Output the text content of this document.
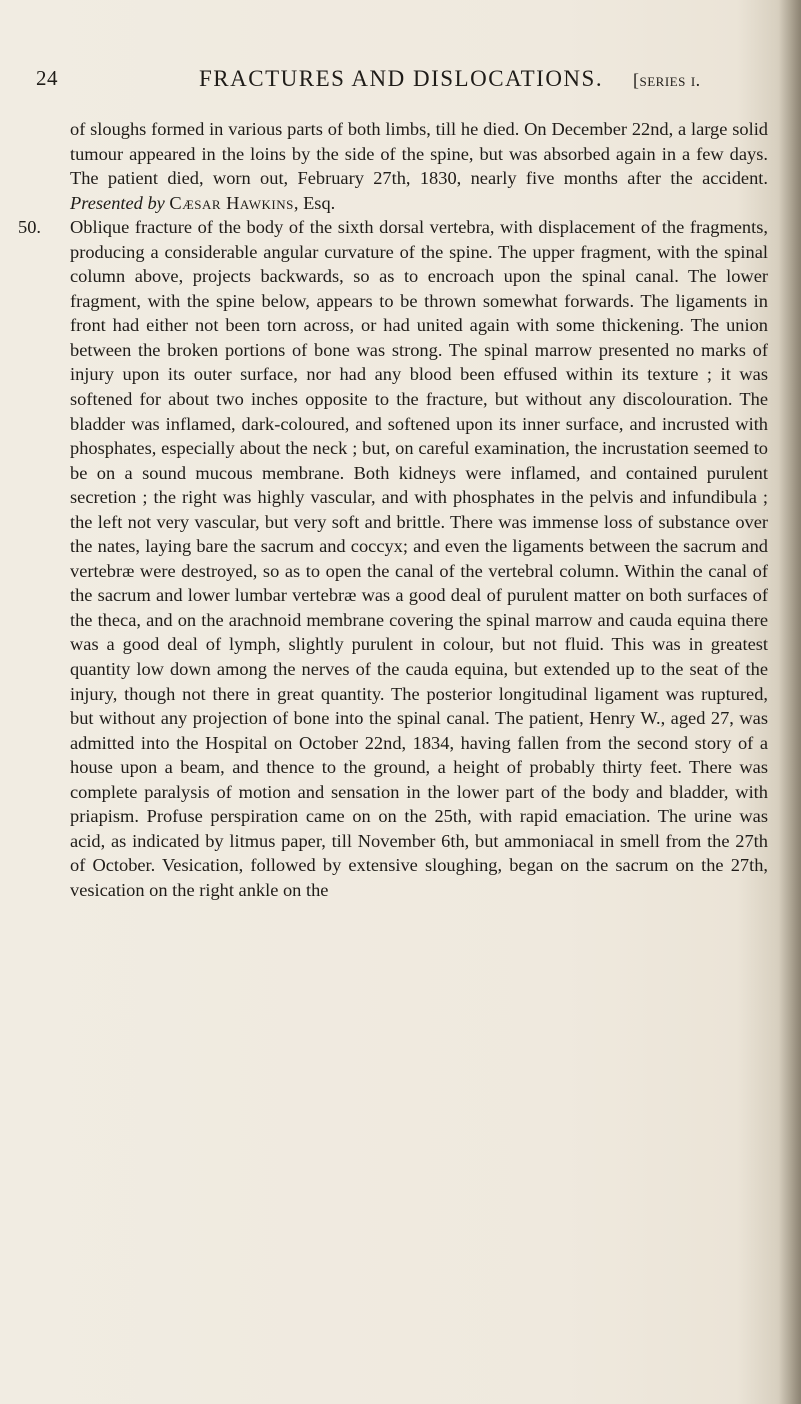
24	FRACTURES AND DISLOCATIONS. [series i.

of sloughs formed in various parts of both limbs, till he died. On December 22nd, a large solid tumour appeared in the loins by the side of the spine, but was absorbed again in a few days. The patient died, worn out, February 27th, 1830, nearly five months after the accident. Presented by Cæsar Hawkins, Esq.

50. Oblique fracture of the body of the sixth dorsal vertebra, with displacement of the fragments, producing a considerable angular curvature of the spine. The upper fragment, with the spinal column above, projects backwards, so as to encroach upon the spinal canal. The lower fragment, with the spine below, appears to be thrown somewhat forwards. The ligaments in front had either not been torn across, or had united again with some thickening. The union between the broken portions of bone was strong. The spinal marrow presented no marks of injury upon its outer surface, nor had any blood been effused within its texture ; it was softened for about two inches opposite to the fracture, but without any discolouration. The bladder was inflamed, dark-coloured, and softened upon its inner surface, and incrusted with phosphates, especially about the neck ; but, on careful examination, the incrustation seemed to be on a sound mucous membrane. Both kidneys were inflamed, and contained purulent secretion ; the right was highly vascular, and with phosphates in the pelvis and infundibula ; the left not very vascular, but very soft and brittle. There was immense loss of substance over the nates, laying bare the sacrum and coccyx; and even the ligaments between the sacrum and vertebræ were destroyed, so as to open the canal of the vertebral column. Within the canal of the sacrum and lower lumbar vertebræ was a good deal of purulent matter on both surfaces of the theca, and on the arachnoid membrane covering the spinal marrow and cauda equina there was a good deal of lymph, slightly purulent in colour, but not fluid. This was in greatest quantity low down among the nerves of the cauda equina, but extended up to the seat of the injury, though not there in great quantity. The posterior longitudinal ligament was ruptured, but without any projection of bone into the spinal canal. The patient, Henry W., aged 27, was admitted into the Hospital on October 22nd, 1834, having fallen from the second story of a house upon a beam, and thence to the ground, a height of probably thirty feet. There was complete paralysis of motion and sensation in the lower part of the body and bladder, with priapism. Profuse perspiration came on on the 25th, with rapid emaciation. The urine was acid, as indicated by litmus paper, till November 6th, but ammoniacal in smell from the 27th of October. Vesication, followed by extensive sloughing, began on the sacrum on the 27th, vesication on the right ankle on the
